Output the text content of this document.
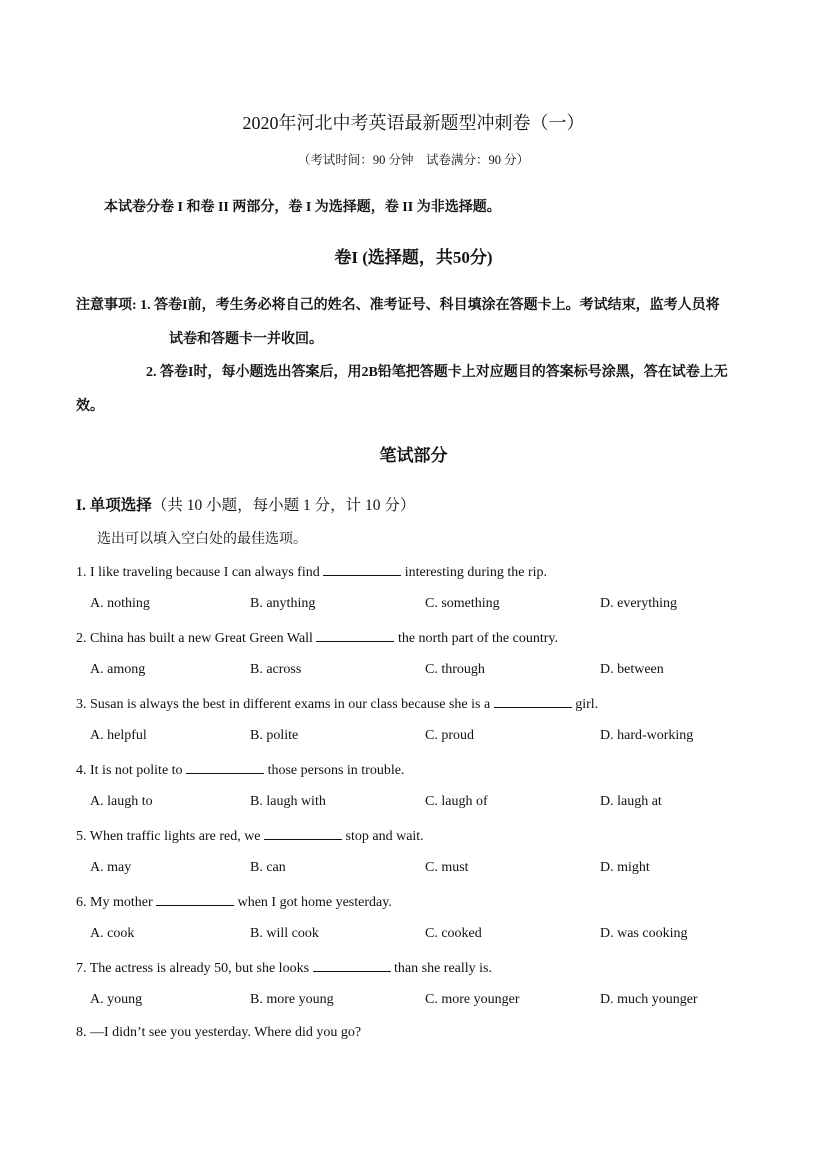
2020年河北中考英语最新题型冲刺卷（一）
（考试时间：90 分钟　试卷满分：90 分）
本试卷分卷 I 和卷 II 两部分，卷 I 为选择题，卷 II 为非选择题。
卷I (选择题，共50分)
注意事项: 1. 答卷I前，考生务必将自己的姓名、准考证号、科目填涂在答题卡上。考试结束，监考人员将
试卷和答题卡一并收回。
2. 答卷I时，每小题选出答案后，用2B铅笔把答题卡上对应题目的答案标号涂黑，答在试卷上无
效。
笔试部分
I. 单项选择（共 10 小题，每小题 1 分，计 10 分）
选出可以填入空白处的最佳选项。
1. I like traveling because I can always find	interesting during the rip.
A. nothing	B. anything	C. something	D. everything
2. China has built a new Great Green Wall	the north part of the country.
A. among	B. across	C. through	D. between
3. Susan is always the best in different exams in our class because she is a	girl.
A. helpful	B. polite	C. proud	D. hard-working
4. It is not polite to	those persons in trouble.
A. laugh to	B. laugh with	C. laugh of	D. laugh at
5. When traffic lights are red, we	stop and wait.
A. may	B. can	C. must	D. might
6. My mother	when I got home yesterday.
A. cook	B. will cook	C. cooked	D. was cooking
7. The actress is already 50, but she looks	than she really is.
A. young	B. more young	C. more younger	D. much younger
8. —I didn’t see you yesterday. Where did you go?
